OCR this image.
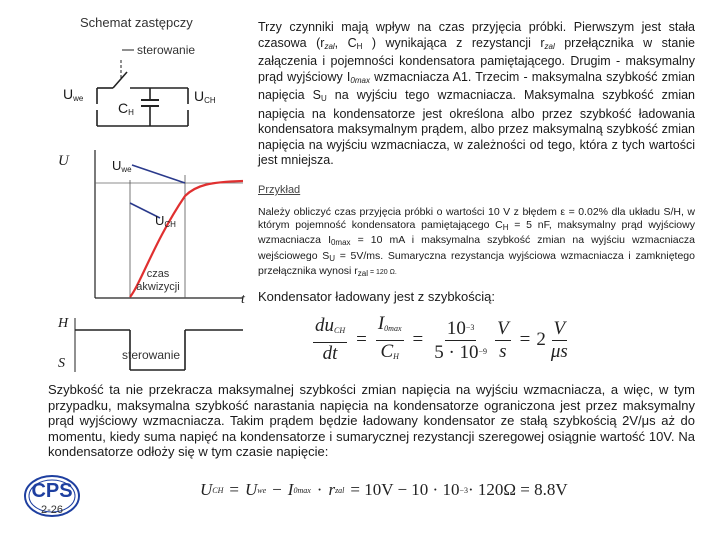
Schemat zastępczy
sterowanie
$U_{we}$
$C_H$
$U_{CH}$
U	$U_{we}$
$U_{CH}$
czas
akwizycji
t
H
S
sterowanie
Trzy czynniki mają wpływ na czas przyjęcia próbki. Pierwszym jest stała czasowa ($r_{zal}$, $C_H$ ) wynikająca z rezystancji $r_{zal}$ przełącznika w stanie załączenia i pojemności kondensatora pamiętającego. Drugim - maksymalny prąd wyjściowy $I_{0max}$ wzmacniacza A1. Trzecim - maksymalna szybkość zmian napięcia $S_U$ na wyjściu tego wzmacniacza. Maksymalna szybkość zmian napięcia na kondensatorze jest określona albo przez szybkość ładowania kondensatora maksymalnym prądem, albo przez maksymalną szybkość zmian napięcia na wyjściu wzmacniacza, w zależności od tego, która z tych wartości jest mniejsza.
Przykład
Należy obliczyć czas przyjęcia próbki o wartości 10 V z błędem ε = 0.02% dla układu S/H, w którym pojemność kondensatora pamiętającego $C_H = 5$ nF, maksymalny prąd wyjściowy wzmacniacza $I_{0max} = 10$ mA i maksymalna szybkość zmian na wyjściu wzmacniacza wejściowego $S_U = 5V/ms$. Sumaryczna rezystancja wyjściowa wzmacniacza i zamkniętego przełącznika wynosi $r_{zal} = 120$ Ω.
Kondensator ładowany jest z szybkością:
$\frac{du_{CH}}{dt} = \frac{I_{0max}}{C_H} = \frac{10^{-3}}{5 \cdot 10^{-9}} \frac{V}{s} = 2 \frac{V}{\mu s}$
Szybkość ta nie przekracza maksymalnej szybkości zmian napięcia na wyjściu wzmacniacza, a więc, w tym przypadku, maksymalna szybkość narastania napięcia na kondensatorze ograniczona jest przez maksymalny prąd wyjściowy wzmacniacza. Takim prądem będzie ładowany kondensator ze stałą szybkością 2V/μs aż do momentu, kiedy suma napięć na kondensatorze i sumarycznej rezystancji szeregowej osiągnie wartość 10V. Na kondensatorze odłoży się w tym czasie napięcie:
U CH = U we − I 0max · r zal = 10V − 10 · 10 −3 · 120Ω = 8.8V
CPS
2-26
